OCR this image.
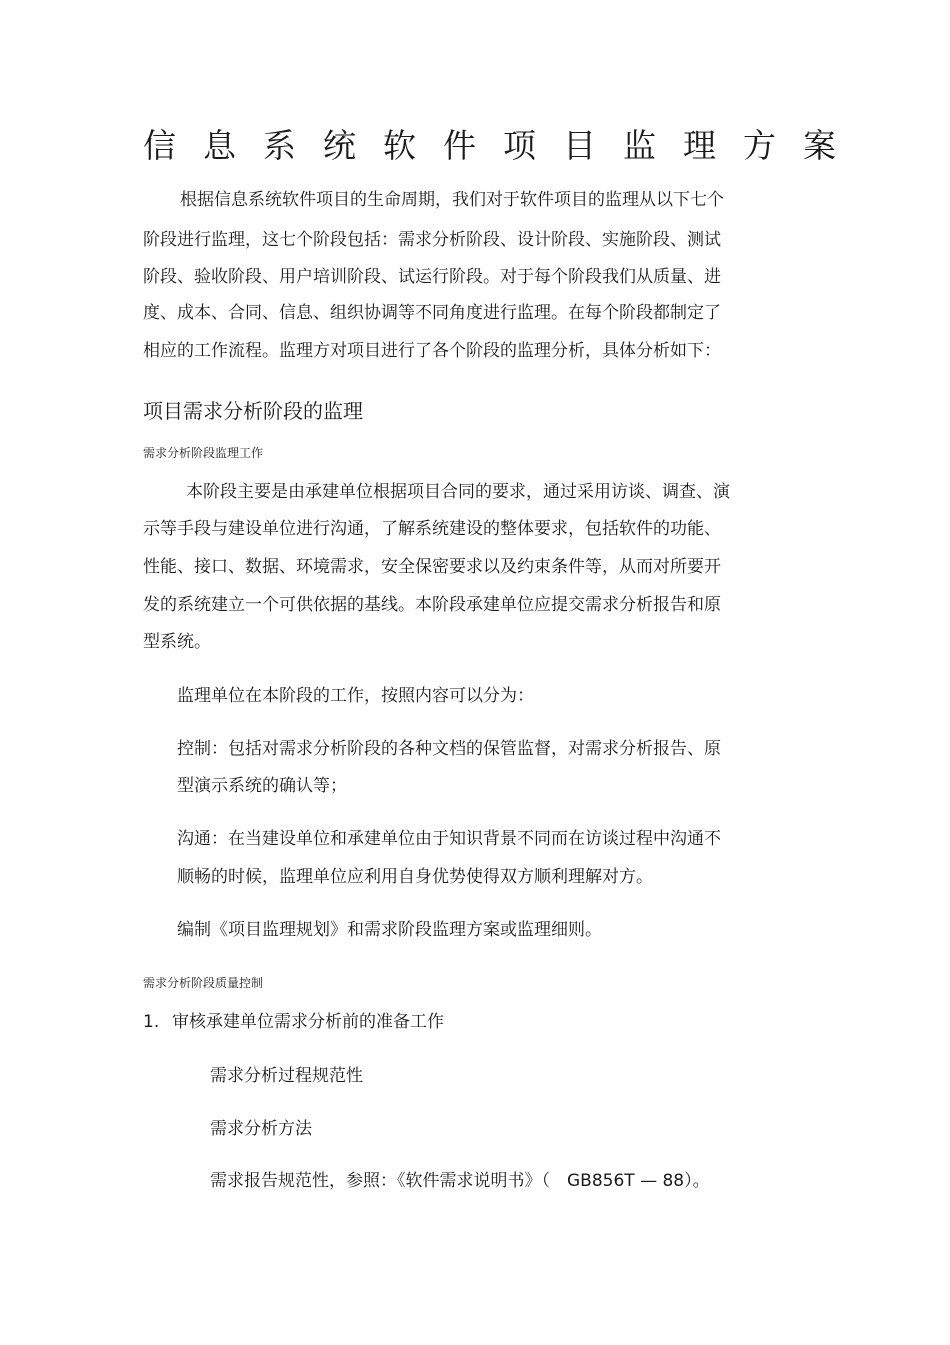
信息系统软件项目监理方案
根据信息系统软件项目的生命周期，我们对于软件项目的监理从以下七个
阶段进行监理，这七个阶段包括：需求分析阶段、设计阶段、实施阶段、测试
阶段、验收阶段、用户培训阶段、试运行阶段。对于每个阶段我们从质量、进
度、成本、合同、信息、组织协调等不同角度进行监理。在每个阶段都制定了
相应的工作流程。监理方对项目进行了各个阶段的监理分析，具体分析如下：
项目需求分析阶段的监理
需求分析阶段监理工作
本阶段主要是由承建单位根据项目合同的要求，通过采用访谈、调查、演
示等手段与建设单位进行沟通，了解系统建设的整体要求，包括软件的功能、
性能、接口、数据、环境需求，安全保密要求以及约束条件等，从而对所要开
发的系统建立一个可供依据的基线。本阶段承建单位应提交需求分析报告和原
型系统。
监理单位在本阶段的工作，按照内容可以分为：
控制：包括对需求分析阶段的各种文档的保管监督，对需求分析报告、原
型演示系统的确认等；
沟通：在当建设单位和承建单位由于知识背景不同而在访谈过程中沟通不
顺畅的时候，监理单位应利用自身优势使得双方顺利理解对方。
编制《项目监理规划》和需求阶段监理方案或监理细则。
需求分析阶段质量控制
1. 审核承建单位需求分析前的准备工作
需求分析过程规范性
需求分析方法
需求报告规范性，参照：《软件需求说明书》（　GB856T — 88）。
